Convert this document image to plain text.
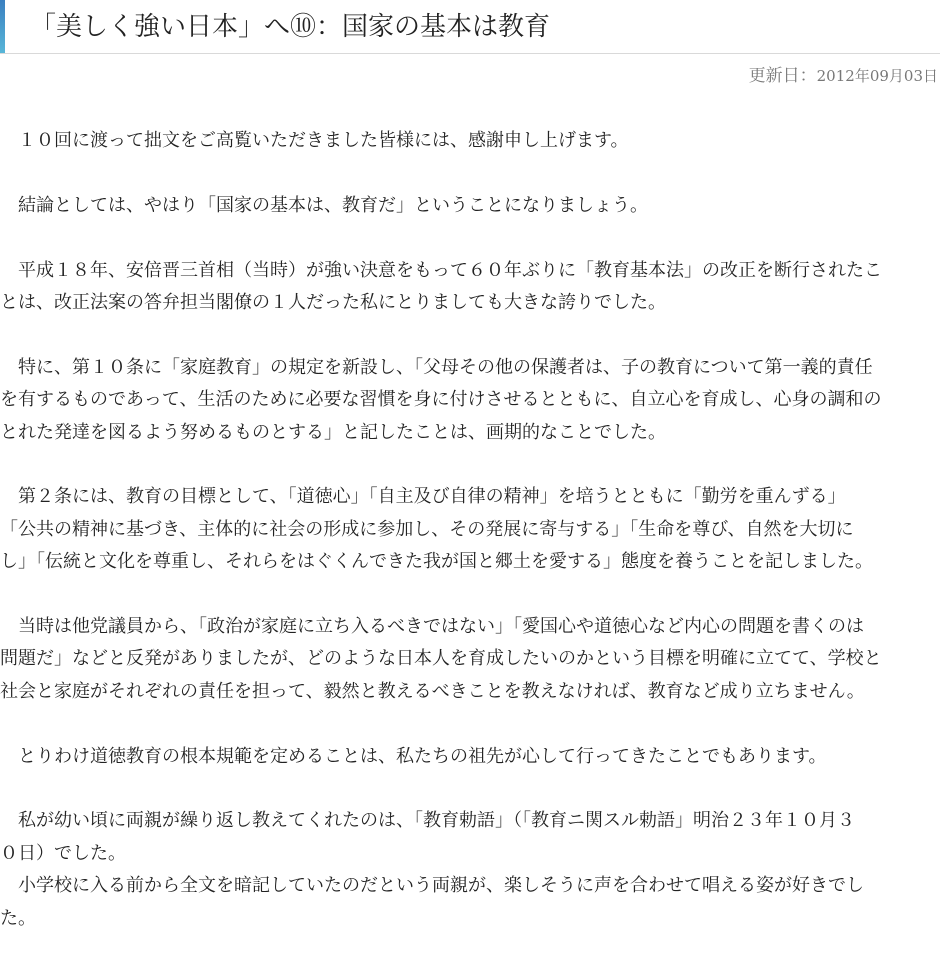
「美しく強い日本」へ⑩：国家の基本は教育
更新日：2012年09月03日
　１０回に渡って拙文をご高覧いただきました皆様には、感謝申し上げます。
　結論としては、やはり「国家の基本は、教育だ」ということになりましょう。
　平成１８年、安倍晋三首相（当時）が強い決意をもって６０年ぶりに「教育基本法」の改正を断行されたこ
とは、改正法案の答弁担当閣僚の１人だった私にとりましても大きな誇りでした。
　特に、第１０条に「家庭教育」の規定を新設し、「父母その他の保護者は、子の教育について第一義的責任
を有するものであって、生活のために必要な習慣を身に付けさせるとともに、自立心を育成し、心身の調和の
とれた発達を図るよう努めるものとする」と記したことは、画期的なことでした。
　第２条には、教育の目標として、「道徳心」「自主及び自律の精神」を培うとともに「勤労を重んずる」
「公共の精神に基づき、主体的に社会の形成に参加し、その発展に寄与する」「生命を尊び、自然を大切に
し」「伝統と文化を尊重し、それらをはぐくんできた我が国と郷土を愛する」態度を養うことを記しました。
　当時は他党議員から、「政治が家庭に立ち入るべきではない」「愛国心や道徳心など内心の問題を書くのは
問題だ」などと反発がありましたが、どのような日本人を育成したいのかという目標を明確に立てて、学校と
社会と家庭がそれぞれの責任を担って、毅然と教えるべきことを教えなければ、教育など成り立ちません。
　とりわけ道徳教育の根本規範を定めることは、私たちの祖先が心して行ってきたことでもあります。
　私が幼い頃に両親が繰り返し教えてくれたのは、「教育勅語」（「教育ニ関スル勅語」明治２３年１０月３
０日）でした。
　小学校に入る前から全文を暗記していたのだという両親が、楽しそうに声を合わせて唱える姿が好きでし
た。
